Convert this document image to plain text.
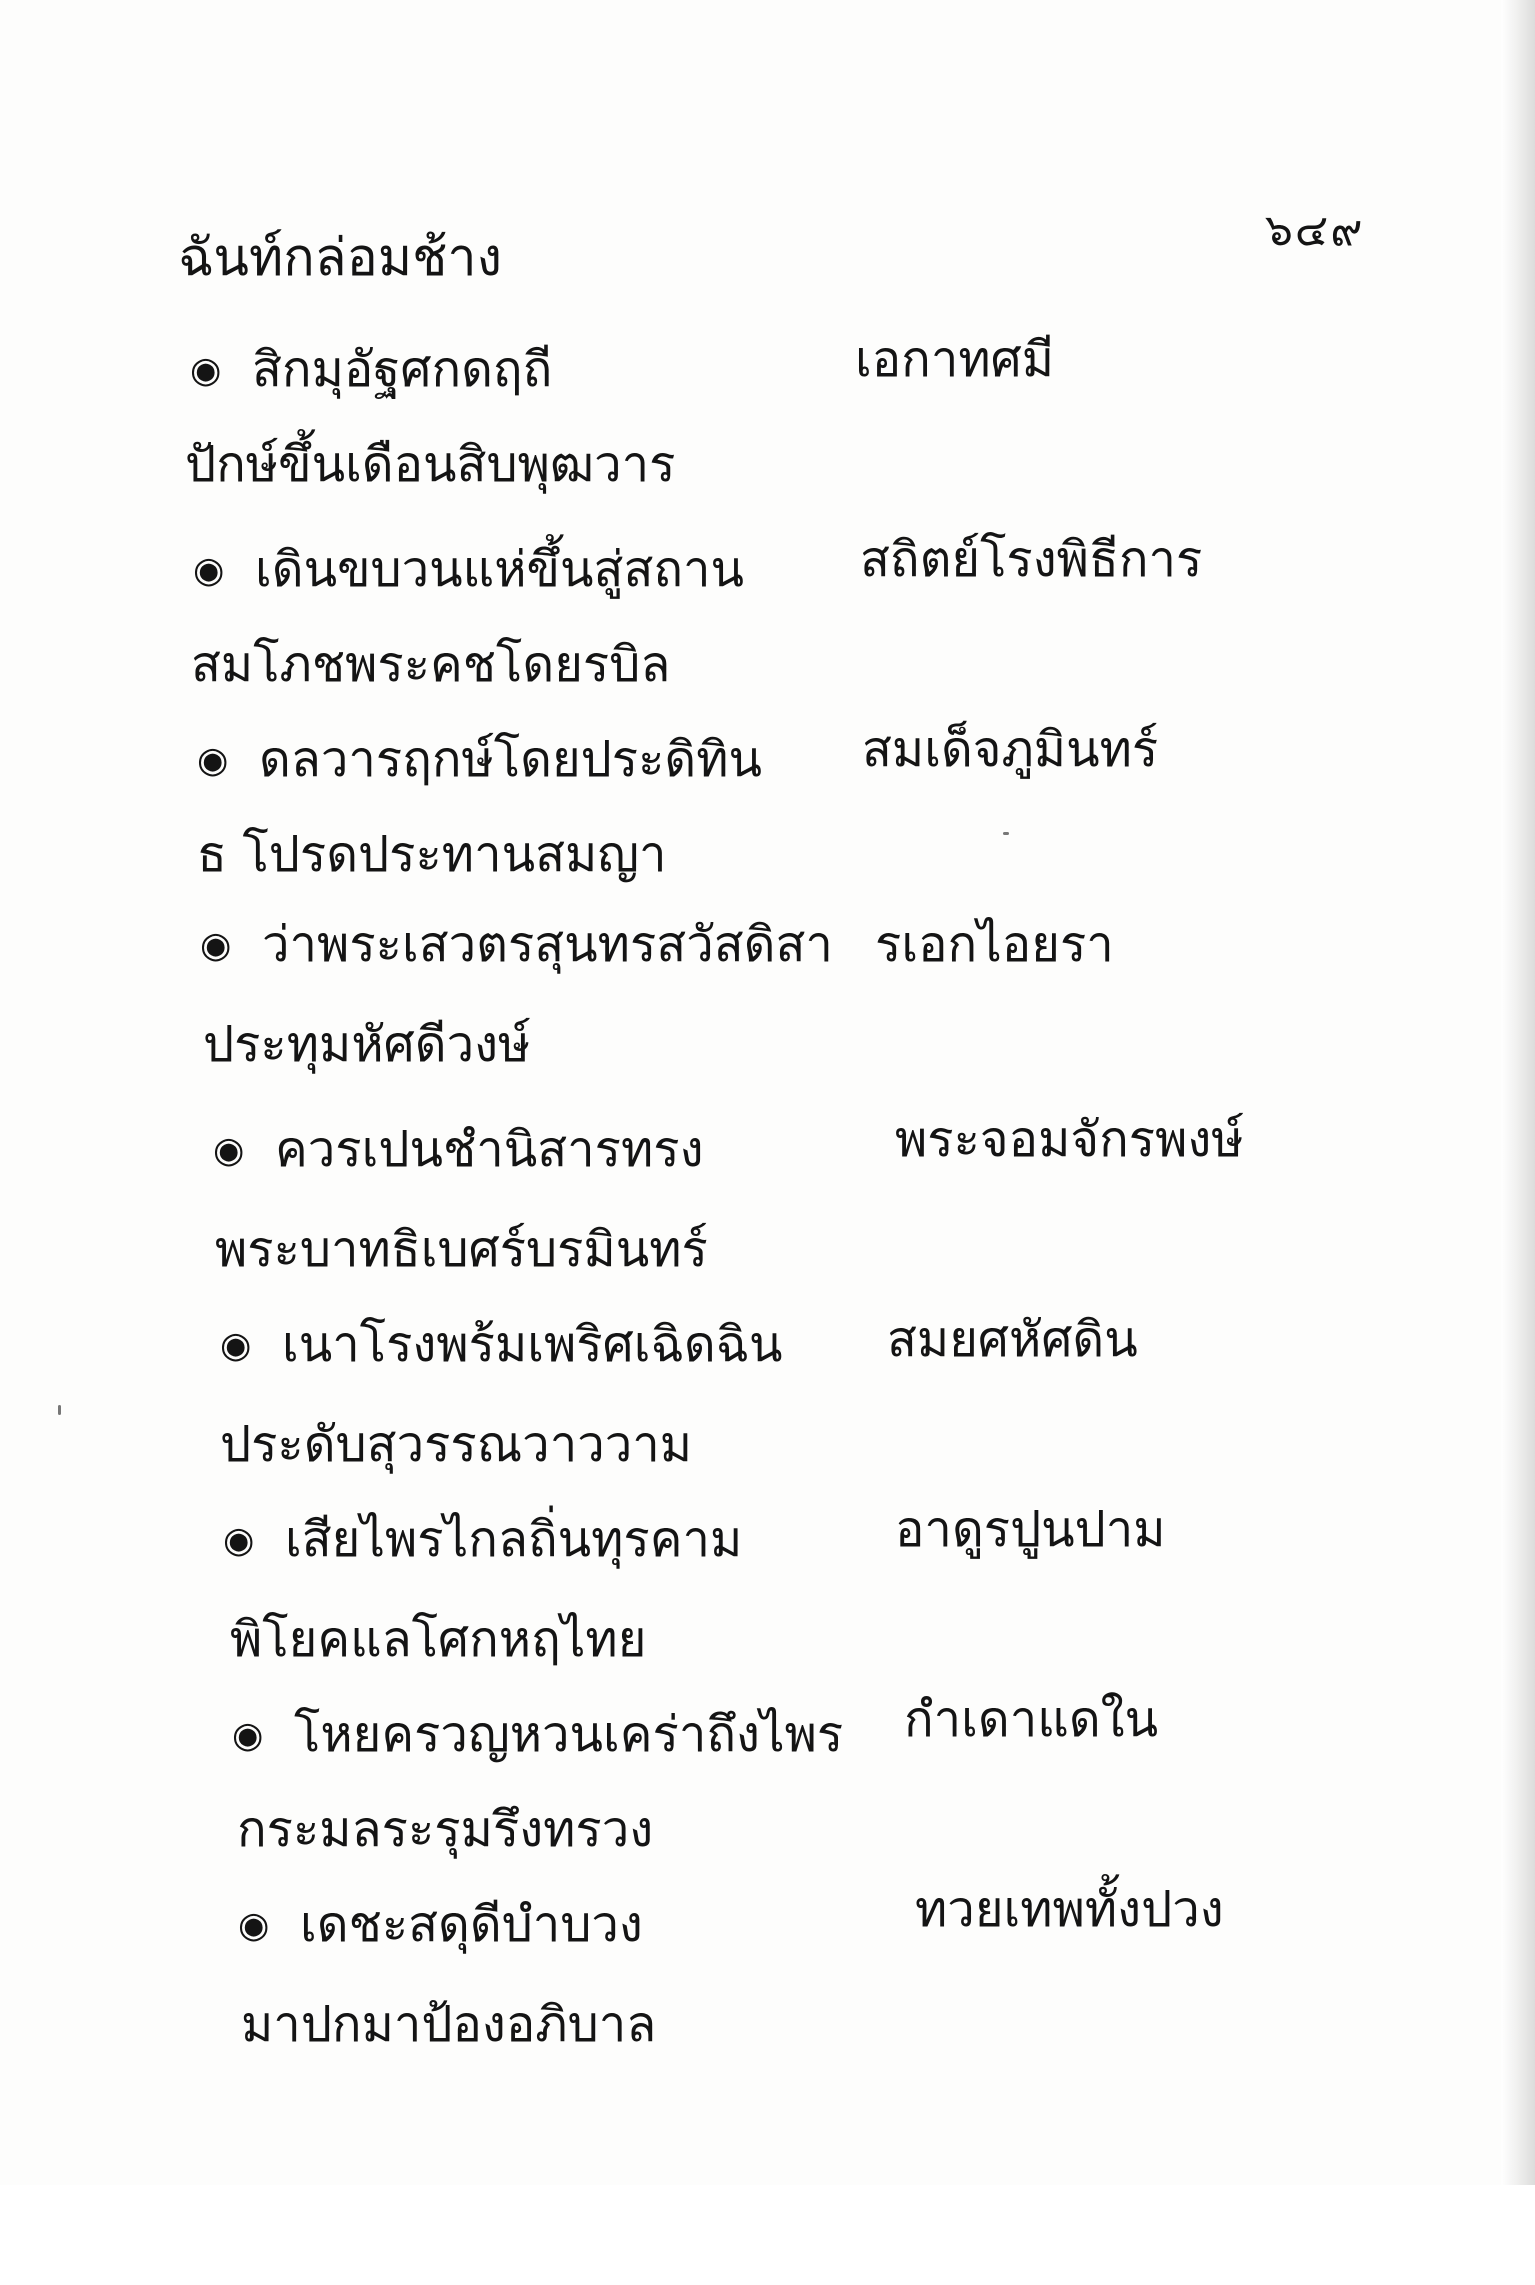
๖๔๙
ฉันท์กล่อมช้าง
◉ สิกมุอัฐศกดฤถี	เอกาทศมี
ปักษ์ขึ้นเดือนสิบพุฒวาร
◉ เดินขบวนแห่ขึ้นสู่สถาน สถิตย์โรงพิธีการ
สมโภชพระคชโดยรบิล
◉ ดลวารฤกษ์โดยประดิทิน สมเด็จภูมินทร์
ธ โปรดประทานสมญา
◉ ว่าพระเสวตรสุนทรสวัสดิสา รเอกไอยรา
ประทุมหัศดีวงษ์
◉ ควรเปนชำนิสารทรง	พระจอมจักรพงษ์
พระบาทธิเบศร์บรมินทร์
◉ เนาโรงพร้มเพริศเฉิดฉิน สมยศหัศดิน
ประดับสุวรรณวาววาม
◉ เสียไพรไกลถิ่นทุรคาม	อาดูรปูนปาม
พิโยคแลโศกหฤไทย
◉ โหยครวญหวนเคร่าถึงไพร กำเดาแดใน
กระมลระรุมรึงทรวง
◉ เดชะสดุดีบำบวง	ทวยเทพทั้งปวง
มาปกมาป้องอภิบาล
